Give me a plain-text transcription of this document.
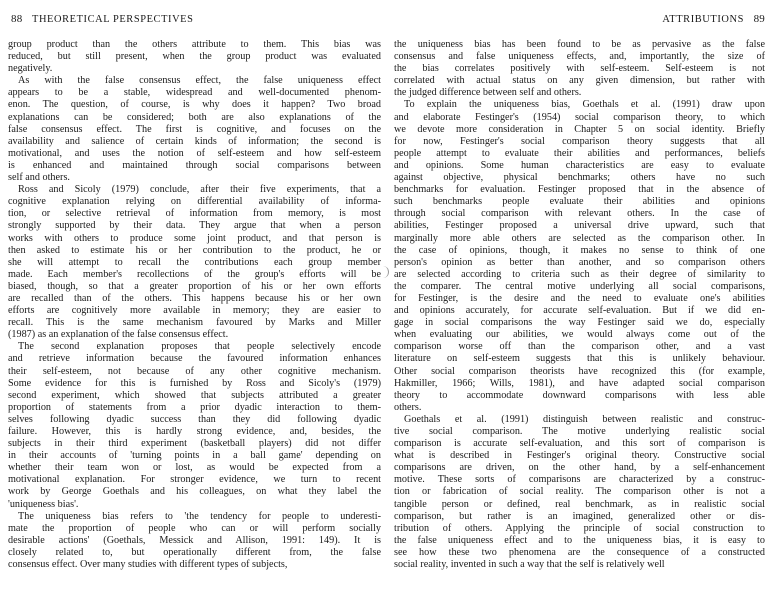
88 THEORETICAL PERSPECTIVES
group product than the others attribute to them. This bias was
reduced, but still present, when the group product was evaluated
negatively.
As with the false consensus effect, the false uniqueness effect
appears to be a stable, widespread and well-documented phenom-
enon. The question, of course, is why does it happen? Two broad
explanations can be considered; both are also explanations of the
false consensus effect. The first is cognitive, and focuses on the
availability and salience of certain kinds of information; the second is
motivational, and uses the notion of self-esteem and how self-esteem
is enhanced and maintained through social comparisons between
self and others.
Ross and Sicoly (1979) conclude, after their five experiments, that a
cognitive explanation relying on differential availability of informa-
tion, or selective retrieval of information from memory, is most
strongly supported by their data. They argue that when a person
works with others to produce some joint product, and that person is
then asked to estimate his or her contribution to the product, he or
she will attempt to recall the contributions each group member
made. Each member's recollections of the group's efforts will be
biased, though, so that a greater proportion of his or her own efforts
are recalled than of the others. This happens because his or her own
efforts are cognitively more available in memory; they are easier to
recall. This is the same mechanism favoured by Marks and Miller
(1987) as an explanation of the false consensus effect.
The second explanation proposes that people selectively encode
and retrieve information because the favoured information enhances
their self-esteem, not because of any other cognitive mechanism.
Some evidence for this is furnished by Ross and Sicoly's (1979)
second experiment, which showed that subjects attributed a greater
proportion of statements from a prior dyadic interaction to them-
selves following dyadic success than they did following dyadic
failure. However, this is hardly strong evidence, and, besides, the
subjects in their third experiment (basketball players) did not differ
in their accounts of 'turning points in a ball game' depending on
whether their team won or lost, as would be expected from a
motivational explanation. For stronger evidence, we turn to recent
work by George Goethals and his colleagues, on what they label the
'uniqueness bias'.
The uniqueness bias refers to 'the tendency for people to underesti-
mate the proportion of people who can or will perform socially
desirable actions' (Goethals, Messick and Allison, 1991: 149). It is
closely related to, but operationally different from, the false
consensus effect. Over many studies with different types of subjects,
ATTRIBUTIONS 89
the uniqueness bias has been found to be as pervasive as the false
consensus and false uniqueness effects, and, importantly, the size of
the bias correlates positively with self-esteem. Self-esteem is not
correlated with actual status on any given dimension, but rather with
the judged difference between self and others.
To explain the uniqueness bias, Goethals et al. (1991) draw upon
and elaborate Festinger's (1954) social comparison theory, to which
we devote more consideration in Chapter 5 on social identity. Briefly
for now, Festinger's social comparison theory suggests that all
people attempt to evaluate their abilities and performances, beliefs
and opinions. Some human characteristics are easy to evaluate
against objective, physical benchmarks; others have no such
benchmarks for evaluation. Festinger proposed that in the absence of
such benchmarks people evaluate their abilities and opinions
through social comparison with relevant others. In the case of
abilities, Festinger proposed a universal drive upward, such that
marginally more able others are selected as the comparison other. In
the case of opinions, though, it makes no sense to think of one
person's opinion as better than another, and so comparison others
are selected according to criteria such as their degree of similarity to
the comparer. The central motive underlying all social comparisons,
for Festinger, is the desire and the need to evaluate one's abilities
and opinions accurately, for accurate self-evaluation. But if we did en-
gage in social comparisons the way Festinger said we do, especially
when evaluating our abilities, we would always come out of the
comparison worse off than the comparison other, and a vast
literature on self-esteem suggests that this is unlikely behaviour.
Other social comparison theorists have recognized this (for example,
Hakmiller, 1966; Wills, 1981), and have adapted social comparison
theory to accommodate downward comparisons with less able
others.
Goethals et al. (1991) distinguish between realistic and construc-
tive social comparison. The motive underlying realistic social
comparison is accurate self-evaluation, and this sort of comparison is
what is described in Festinger's original theory. Constructive social
comparisons are driven, on the other hand, by a self-enhancement
motive. These sorts of comparisons are characterized by a construc-
tion or fabrication of social reality. The comparison other is not a
tangible person or defined, real benchmark, as in realistic social
comparison, but rather is an imagined, generalized other or dis-
tribution of others. Applying the principle of social construction to
the false uniqueness effect and to the uniqueness bias, it is easy to
see how these two phenomena are the consequence of a constructed
social reality, invented in such a way that the self is relatively well
